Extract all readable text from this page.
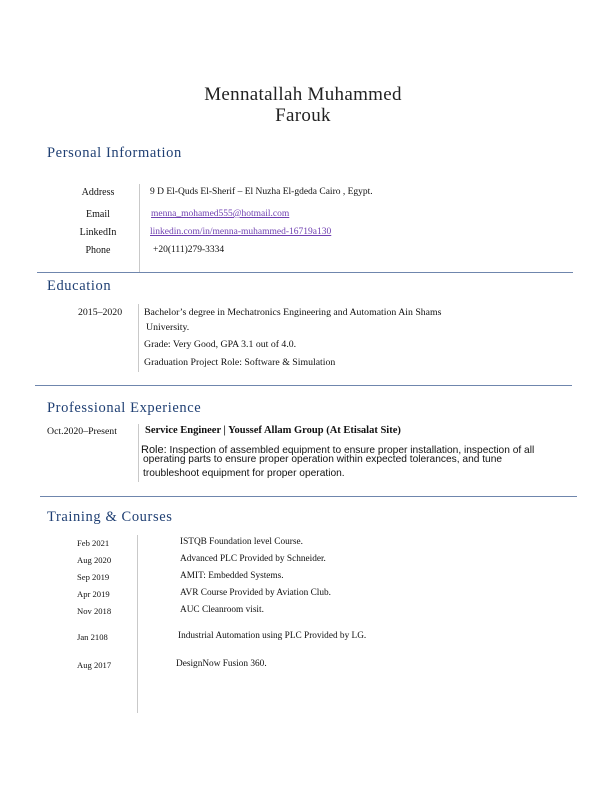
Mennatallah Muhammed
Farouk
Personal Information
Address	9 D El-Quds El-Sherif – El Nuzha El-gdeda Cairo , Egypt.
Email	menna_mohamed555@hotmail.com
LinkedIn	linkedin.com/in/menna-muhammed-16719a130
Phone	+20(111)279-3334
Education
2015–2020 Bachelor’s degree in Mechatronics Engineering and Automation Ain Shams
University.
Grade: Very Good, GPA 3.1 out of 4.0.
Graduation Project Role: Software & Simulation
Professional Experience
Oct.2020–Present	Service Engineer | Youssef Allam Group (At Etisalat Site)
Role: Inspection of assembled equipment to ensure proper installation, inspection of all
operating parts to ensure proper operation within expected tolerances, and tune
troubleshoot equipment for proper operation.
Training & Courses
Feb 2021	ISTQB Foundation level Course.
Aug 2020	Advanced PLC Provided by Schneider.
Sep 2019	AMIT: Embedded Systems.
Apr 2019	AVR Course Provided by Aviation Club.
Nov 2018	AUC Cleanroom visit.
Jan 2108	Industrial Automation using PLC Provided by LG.
Aug 2017	DesignNow Fusion 360.
